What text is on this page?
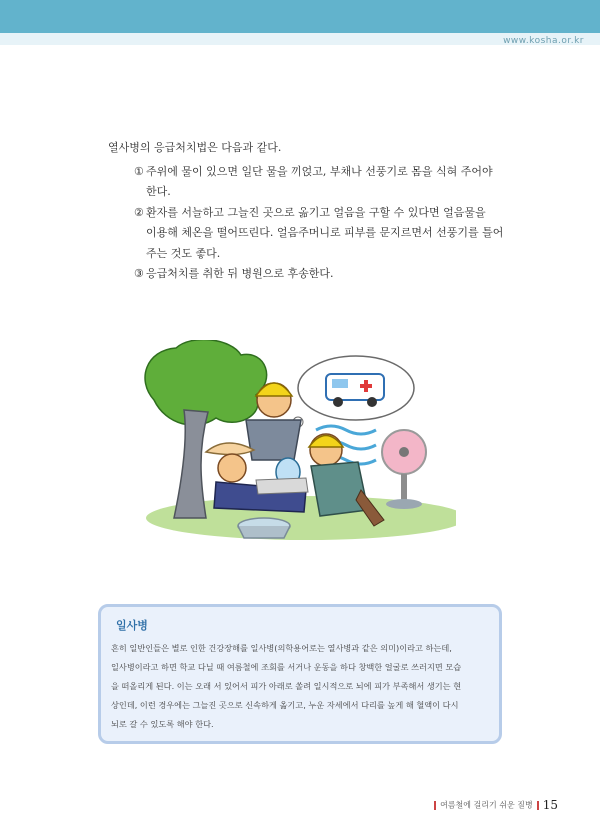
www.kosha.or.kr

열사병의 응급처치법은 다음과 같다.

① 주위에 물이 있으면 일단 물을 끼얹고, 부채나 선풍기로 몸을 식혀 주어야
한다.
② 환자를 서늘하고 그늘진 곳으로 옮기고 얼음을 구할 수 있다면 얼음물을
이용해 체온을 떨어뜨린다. 얼음주머니로 피부를 문지르면서 선풍기를 틀어
주는 것도 좋다.
③ 응급처치를 취한 뒤 병원으로 후송한다.
일사병

흔히 일반인들은 별로 인한 건강장해를 일사병(의학용어로는 열사병과 같은 의미)이라고 하는데,

일사병이라고 하면 학교 다닐 때 여름철에 조회를 서거나 운동을 하다 창백한 얼굴로 쓰러지면 모습

을 떠올리게 된다. 이는 오래 서 있어서 피가 아래로 쏠려 일시적으로 뇌에 피가 부족해서 생기는 현

상인데, 이런 경우에는 그늘진 곳으로 신속하게 옮기고, 누운 자세에서 다리를 높게 해 혈액이 다시

뇌로 갈 수 있도록 해야 한다.

여름철에 걸리기 쉬운 질병 15
